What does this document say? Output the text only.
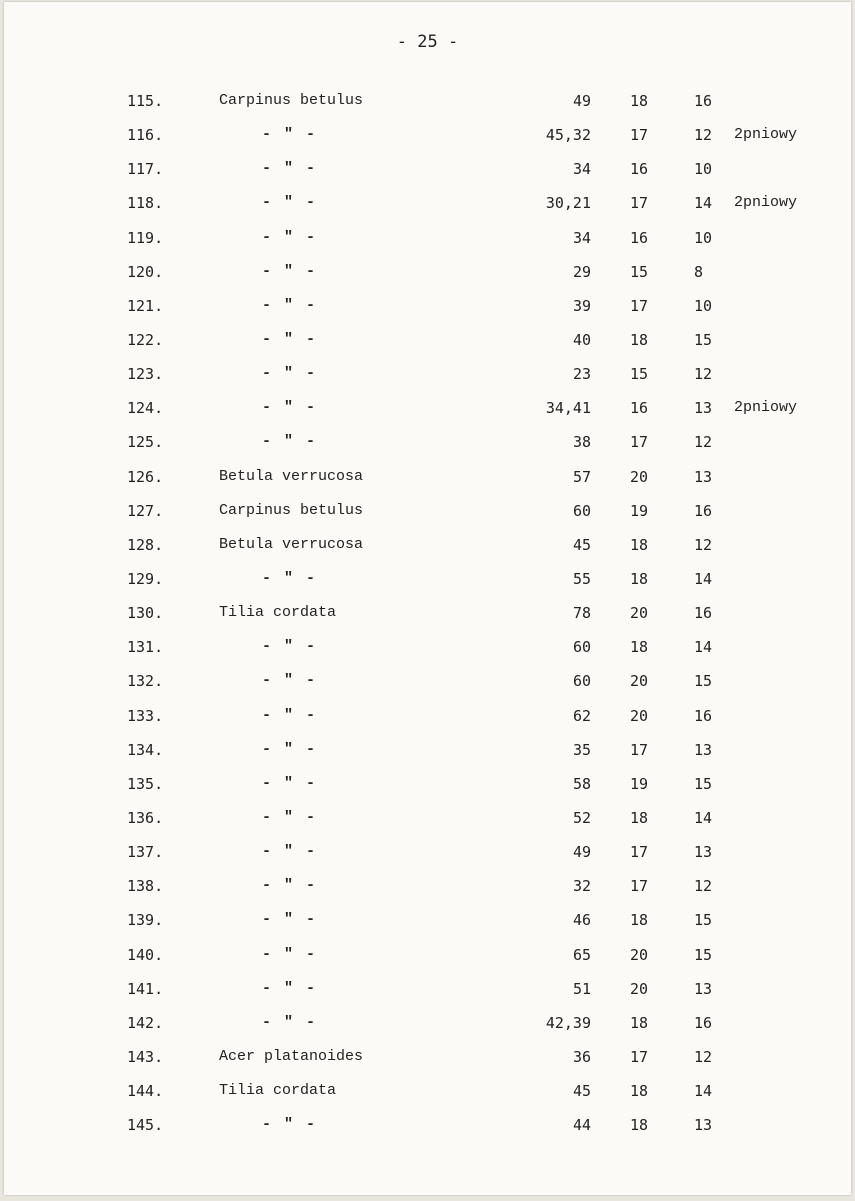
- 25 -
115.	Carpinus betulus	49	18	16
116.	- " -	45,32	17	12 2pniowy
117.	- " -	34	16	10
118.	- " -	30,21	17	14 2pniowy
119.	- " -	34	16	10
120.	- " -	29	15	8
121.	- " -	39	17	10
122.	- " -	40	18	15
123.	- " -	23	15	12
124.	- " -	34,41	16	13 2pniowy
125.	- " -	38	17	12
126.	Betula verrucosa	57	20	13
127.	Carpinus betulus	60	19	16
128.	Betula verrucosa	45	18	12
129.	- " -	55	18	14
130.	Tilia cordata	78	20	16
131.	- " -	60	18	14
132.	- " -	60	20	15
133.	- " -	62	20	16
134.	- " -	35	17	13
135.	- " -	58	19	15
136.	- " -	52	18	14
137.	- " -	49	17	13
138.	- " -	32	17	12
139.	- " -	46	18	15
140.	- " -	65	20	15
141.	- " -	51	20	13
142.	- " -	42,39	18	16
143.	Acer platanoides	36	17	12
144.	Tilia cordata	45	18	14
145.	- " -	44	18	13
